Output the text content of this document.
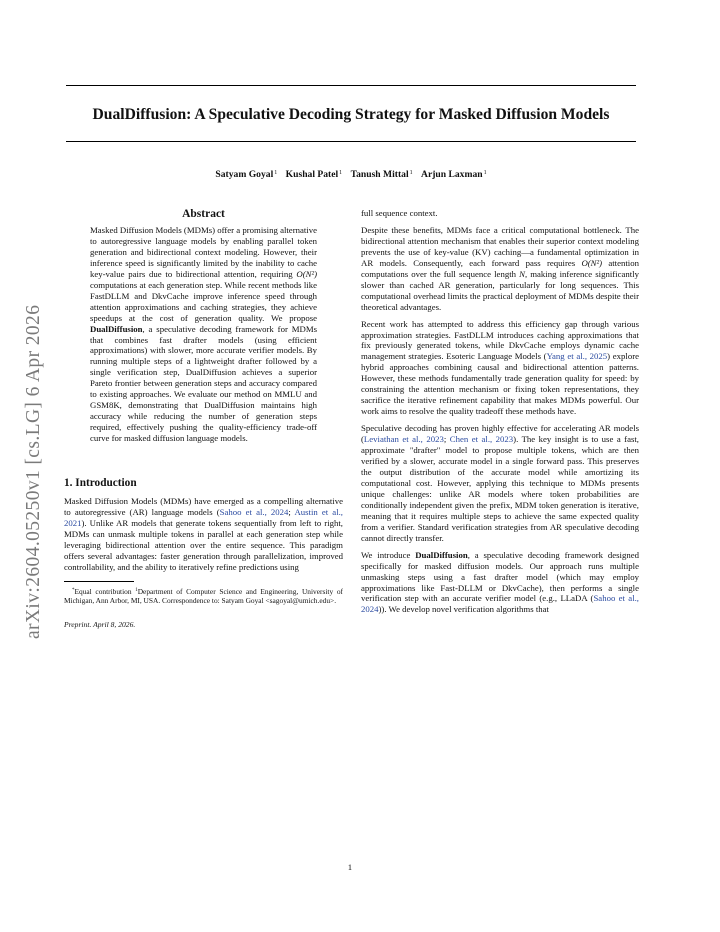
DualDiffusion: A Speculative Decoding Strategy for Masked Diffusion Models
Satyam Goyal$^1$ Kushal Patel$^1$ Tanush Mittal$^1$ Arjun Laxman$^1$
arXiv:2604.05250v1 [cs.LG] 6 Apr 2026
Abstract
Masked Diffusion Models (MDMs) offer a promising alternative to autoregressive language models by enabling parallel token generation and bidirectional context modeling. However, their inference speed is significantly limited by the inability to cache key-value pairs due to bidirectional attention, requiring O(N²) computations at each generation step. While recent methods like FastDLLM and DkvCache improve inference speed through attention approximations and caching strategies, they achieve speedups at the cost of generation quality. We propose DualDiffusion, a speculative decoding framework for MDMs that combines fast drafter models (using efficient approximations) with slower, more accurate verifier models. By running multiple steps of a lightweight drafter followed by a single verification step, DualDiffusion achieves a superior Pareto frontier between generation steps and accuracy compared to existing approaches. We evaluate our method on MMLU and GSM8K, demonstrating that DualDiffusion maintains high accuracy while reducing the number of generation steps required, effectively pushing the quality-efficiency trade-off curve for masked diffusion language models.
1. Introduction

Masked Diffusion Models (MDMs) have emerged as a compelling alternative to autoregressive (AR) language models (Sahoo et al., 2024; Austin et al., 2021). Unlike AR models that generate tokens sequentially from left to right, MDMs can unmask multiple tokens in parallel at each generation step while leveraging bidirectional attention over the entire sequence. This paradigm offers several advantages: faster generation through parallelization, improved controllability, and the ability to iteratively refine predictions using

*Equal contribution $^1$Department of Computer Science and Engineering, University of Michigan, Ann Arbor, MI, USA. Correspondence to: Satyam Goyal <sagoyal@umich.edu>.
Preprint. April 8, 2026.

full sequence context.

Despite these benefits, MDMs face a critical computational bottleneck. The bidirectional attention mechanism that enables their superior context modeling prevents the use of key-value (KV) caching—a fundamental optimization in AR models. Consequently, each forward pass requires O(N²) attention computations over the full sequence length N, making inference significantly slower than cached AR generation, particularly for long sequences. This computational overhead limits the practical deployment of MDMs despite their theoretical advantages.

Recent work has attempted to address this efficiency gap through various approximation strategies. FastDLLM introduces caching approximations that fix previously generated tokens, while DkvCache employs dynamic cache management strategies. Esoteric Language Models (Yang et al., 2025) explore hybrid approaches combining causal and bidirectional attention patterns. However, these methods fundamentally trade generation quality for speed: by constraining the attention mechanism or fixing token representations, they sacrifice the iterative refinement capability that makes MDMs powerful. Our work aims to resolve the quality tradeoff these methods have.

Speculative decoding has proven highly effective for accelerating AR models (Leviathan et al., 2023; Chen et al., 2023). The key insight is to use a fast, approximate "drafter" model to propose multiple tokens, which are then verified by a slower, accurate model in a single forward pass. This preserves the output distribution of the accurate model while amortizing its computational cost. However, applying this technique to MDMs presents unique challenges: unlike AR models where token probabilities are conditionally independent given the prefix, MDM token generation is iterative, meaning that it requires multiple steps to achieve the same expected quality from a verifier. Standard verification strategies from AR speculative decoding cannot directly transfer.

We introduce DualDiffusion, a speculative decoding framework designed specifically for masked diffusion models. Our approach runs multiple unmasking steps using a fast drafter model (which may employ approximations like Fast-DLLM or DkvCache), then performs a single verification step with an accurate verifier model (e.g., LLaDA (Sahoo et al., 2024)). We develop novel verification algorithms that

1
